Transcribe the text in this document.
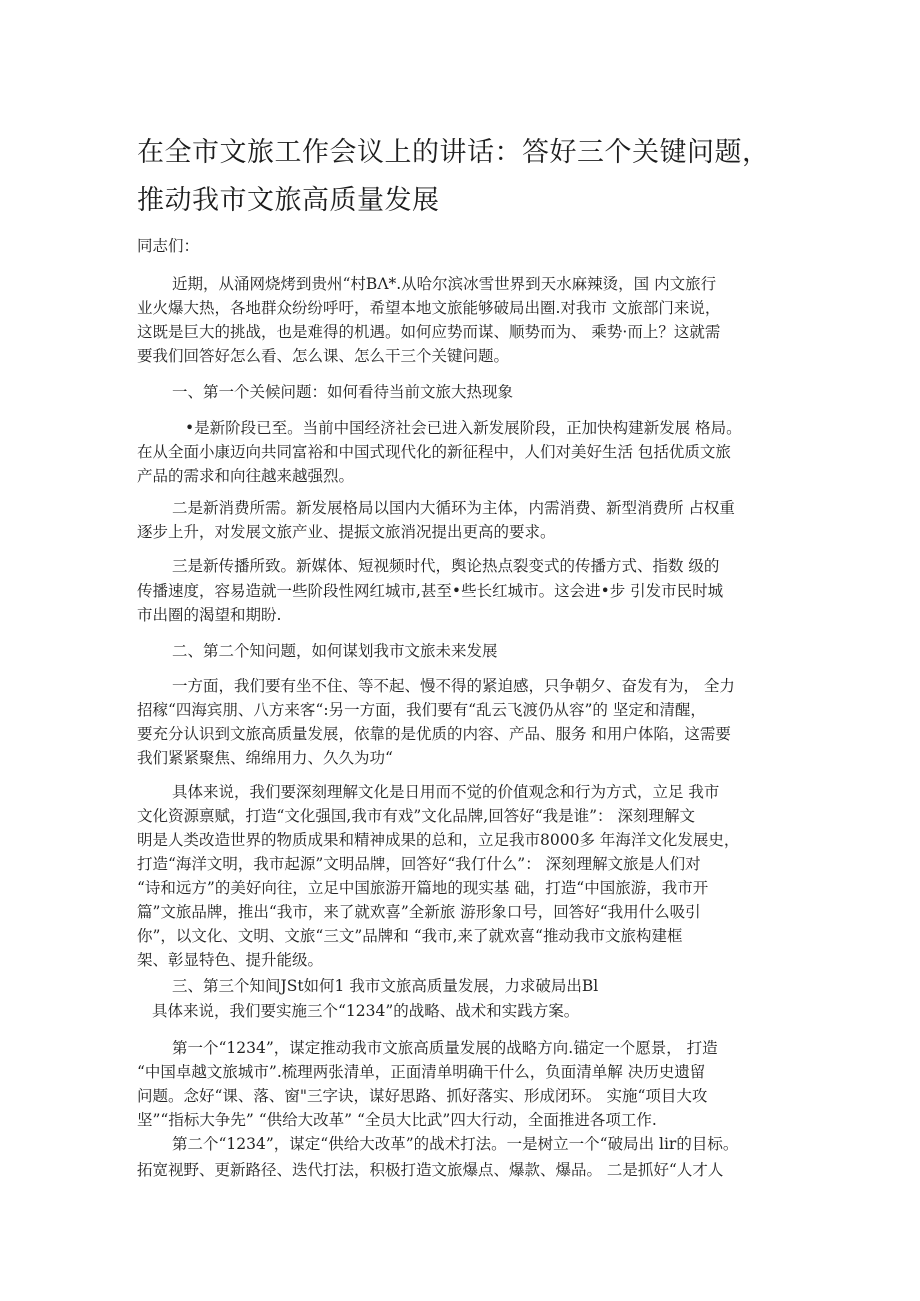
在全市文旅工作会议上的讲话：答好三个关键问题，
推动我市文旅高质量发展
同志们：
近期，从涌网烧烤到贵州“村BΛ*.从哈尔滨冰雪世界到天水麻辣烫，国 内文旅行
业火爆大热，各地群众纷纷呼吁，希望本地文旅能够破局出圈.对我市 文旅部门来说，
这既是巨大的挑战，也是难得的机遇。如何应势而谋、顺势而为、 乘势·而上？这就需
要我们回答好怎么看、怎么课、怎么干三个关键问题。
一、第一个关候问题：如何看待当前文旅大热现象
•是新阶段已至。当前中国经济社会已进入新发展阶段，正加快构建新发展 格局。
在从全面小康迈向共同富裕和中国式现代化的新征程中，人们对美好生活 包括优质文旅
产品的需求和向往越来越强烈。
二是新消费所需。新发展格局以国内大循环为主体，内需消费、新型消费所 占权重
逐步上升，对发展文旅产业、提振文旅消况提出更高的要求。
三是新传播所致。新媒体、短视频时代，舆论热点裂变式的传播方式、指数 级的
传播速度，容易造就一些阶段性网红城市,甚至•些长红城市。这会进•步 引发市民时城
市出圈的渴望和期盼.
二、第二个知问题，如何谋划我市文旅未来发展
一方面，我们要有坐不住、等不起、慢不得的紧迫感，只争朝夕、奋发有为， 全力
招稼“四海宾朋、八方来客“:另一方面，我们要有“乱云飞渡仍从容”的 坚定和清醒，
要充分认识到文旅高质量发展，依靠的是优质的内容、产品、服务 和用户体陷，这需要
我们紧紧聚焦、绵绵用力、久久为功“
具体来说，我们要深刻理解文化是日用而不觉的价值观念和行为方式，立足 我市
文化资源禀赋，打造“文化强国,我市有戏”文化品牌,回答好“我是谁”： 深刻理解文
明是人类改造世界的物质成果和精神成果的总和，立足我市8000多 年海洋文化发展史，
打造“海洋文明，我市起源”文明品牌，回答好“我仃什么”： 深刻理解文旅是人们对
“诗和远方”的美好向往，立足中国旅游开篇地的现实基 础，打造“中国旅游，我市开
篇”文旅品牌，推出“我市，来了就欢喜”全新旅 游形象口号，回答好“我用什么吸引
你”，以文化、文明、文旅“三文”品牌和 “我市,来了就欢喜“推动我市文旅构建框
架、彰显特色、提升能级。
三、第三个知间JSt如何1 我市文旅高质量发展，力求破局出Bl
具体来说，我们要实施三个“1234”的战略、战术和实践方案。
第一个“1234”，谋定推动我市文旅高质量发展的战略方向.锚定一个愿景， 打造
“中国卓越文旅城市”.梳理两张清单，正面清单明确干什么，负面清单解 决历史遗留
问题。念好“课、落、窗"三字诀，谋好思路、抓好落实、形成闭环。 实施“项目大攻
坚”“指标大争先” “供给大改革” “全员大比武”四大行动，全面推进各项工作.
第二个“1234”，谋定“供给大改革”的战术打法。一是树立一个“破局出 lir的目标。
拓宽视野、更新路径、迭代打法，积极打造文旅爆点、爆款、爆品。 二是抓好“人才人
